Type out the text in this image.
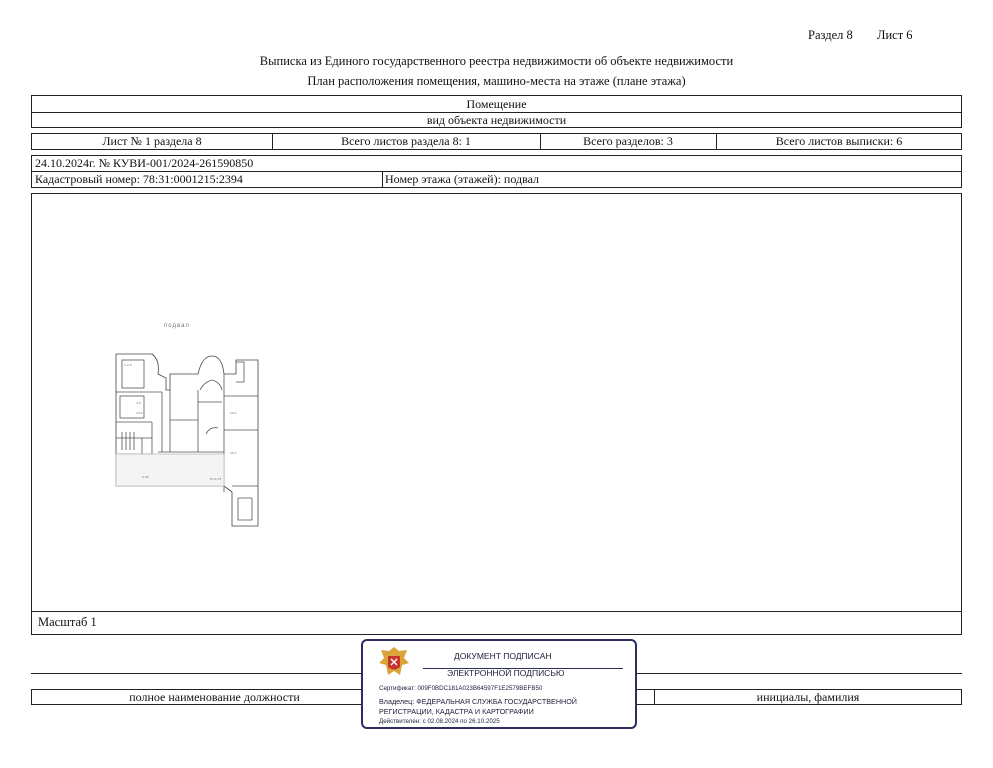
Раздел 8 Лист 6
Выписка из Единого государственного реестра недвижимости об объекте недвижимости
План расположения помещения, машино-места на этаже (плане этажа)
Помещение
вид объекта недвижимости
Лист № 1 раздела 8	Всего листов раздела 8: 1	Всего разделов: 3	Всего листов выписки: 6
24.10.2024г. № КУВИ-001/2024-261590850
Кадастровый номер: 78:31:0001215:2394	Номер этажа (этажей): подвал
подвал
1 2 3
3.5
13.0	14.1
15.1
2.35	Н=2.37
Масштаб 1
полное наименование должности	инициалы, фамилия
ДОКУМЕНТ ПОДПИСАН
ЭЛЕКТРОННОЙ ПОДПИСЬЮ
Сертификат: 009F0BDC181A023B64597F1E2579BEFB50
Владелец: ФЕДЕРАЛЬНАЯ СЛУЖБА ГОСУДАРСТВЕННОЙ
РЕГИСТРАЦИИ, КАДАСТРА И КАРТОГРАФИИ
Действителен: с 02.08.2024 по 26.10.2025
